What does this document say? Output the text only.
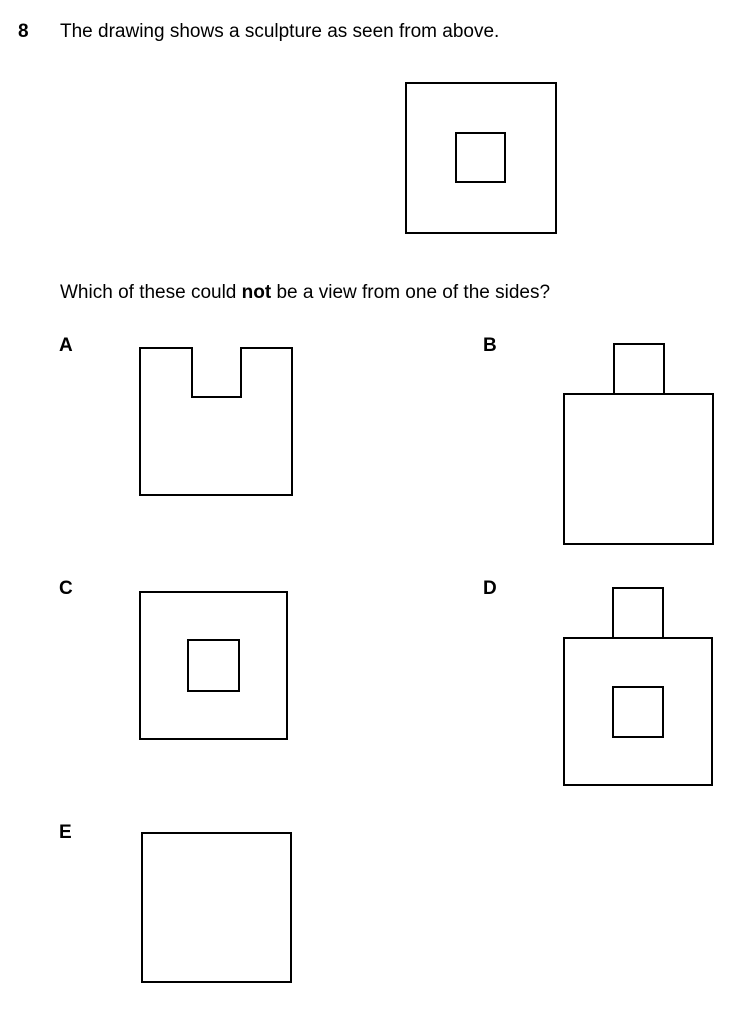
8 The drawing shows a sculpture as seen from above.
Which of these could not be a view from one of the sides?
A	B
C	D
E
